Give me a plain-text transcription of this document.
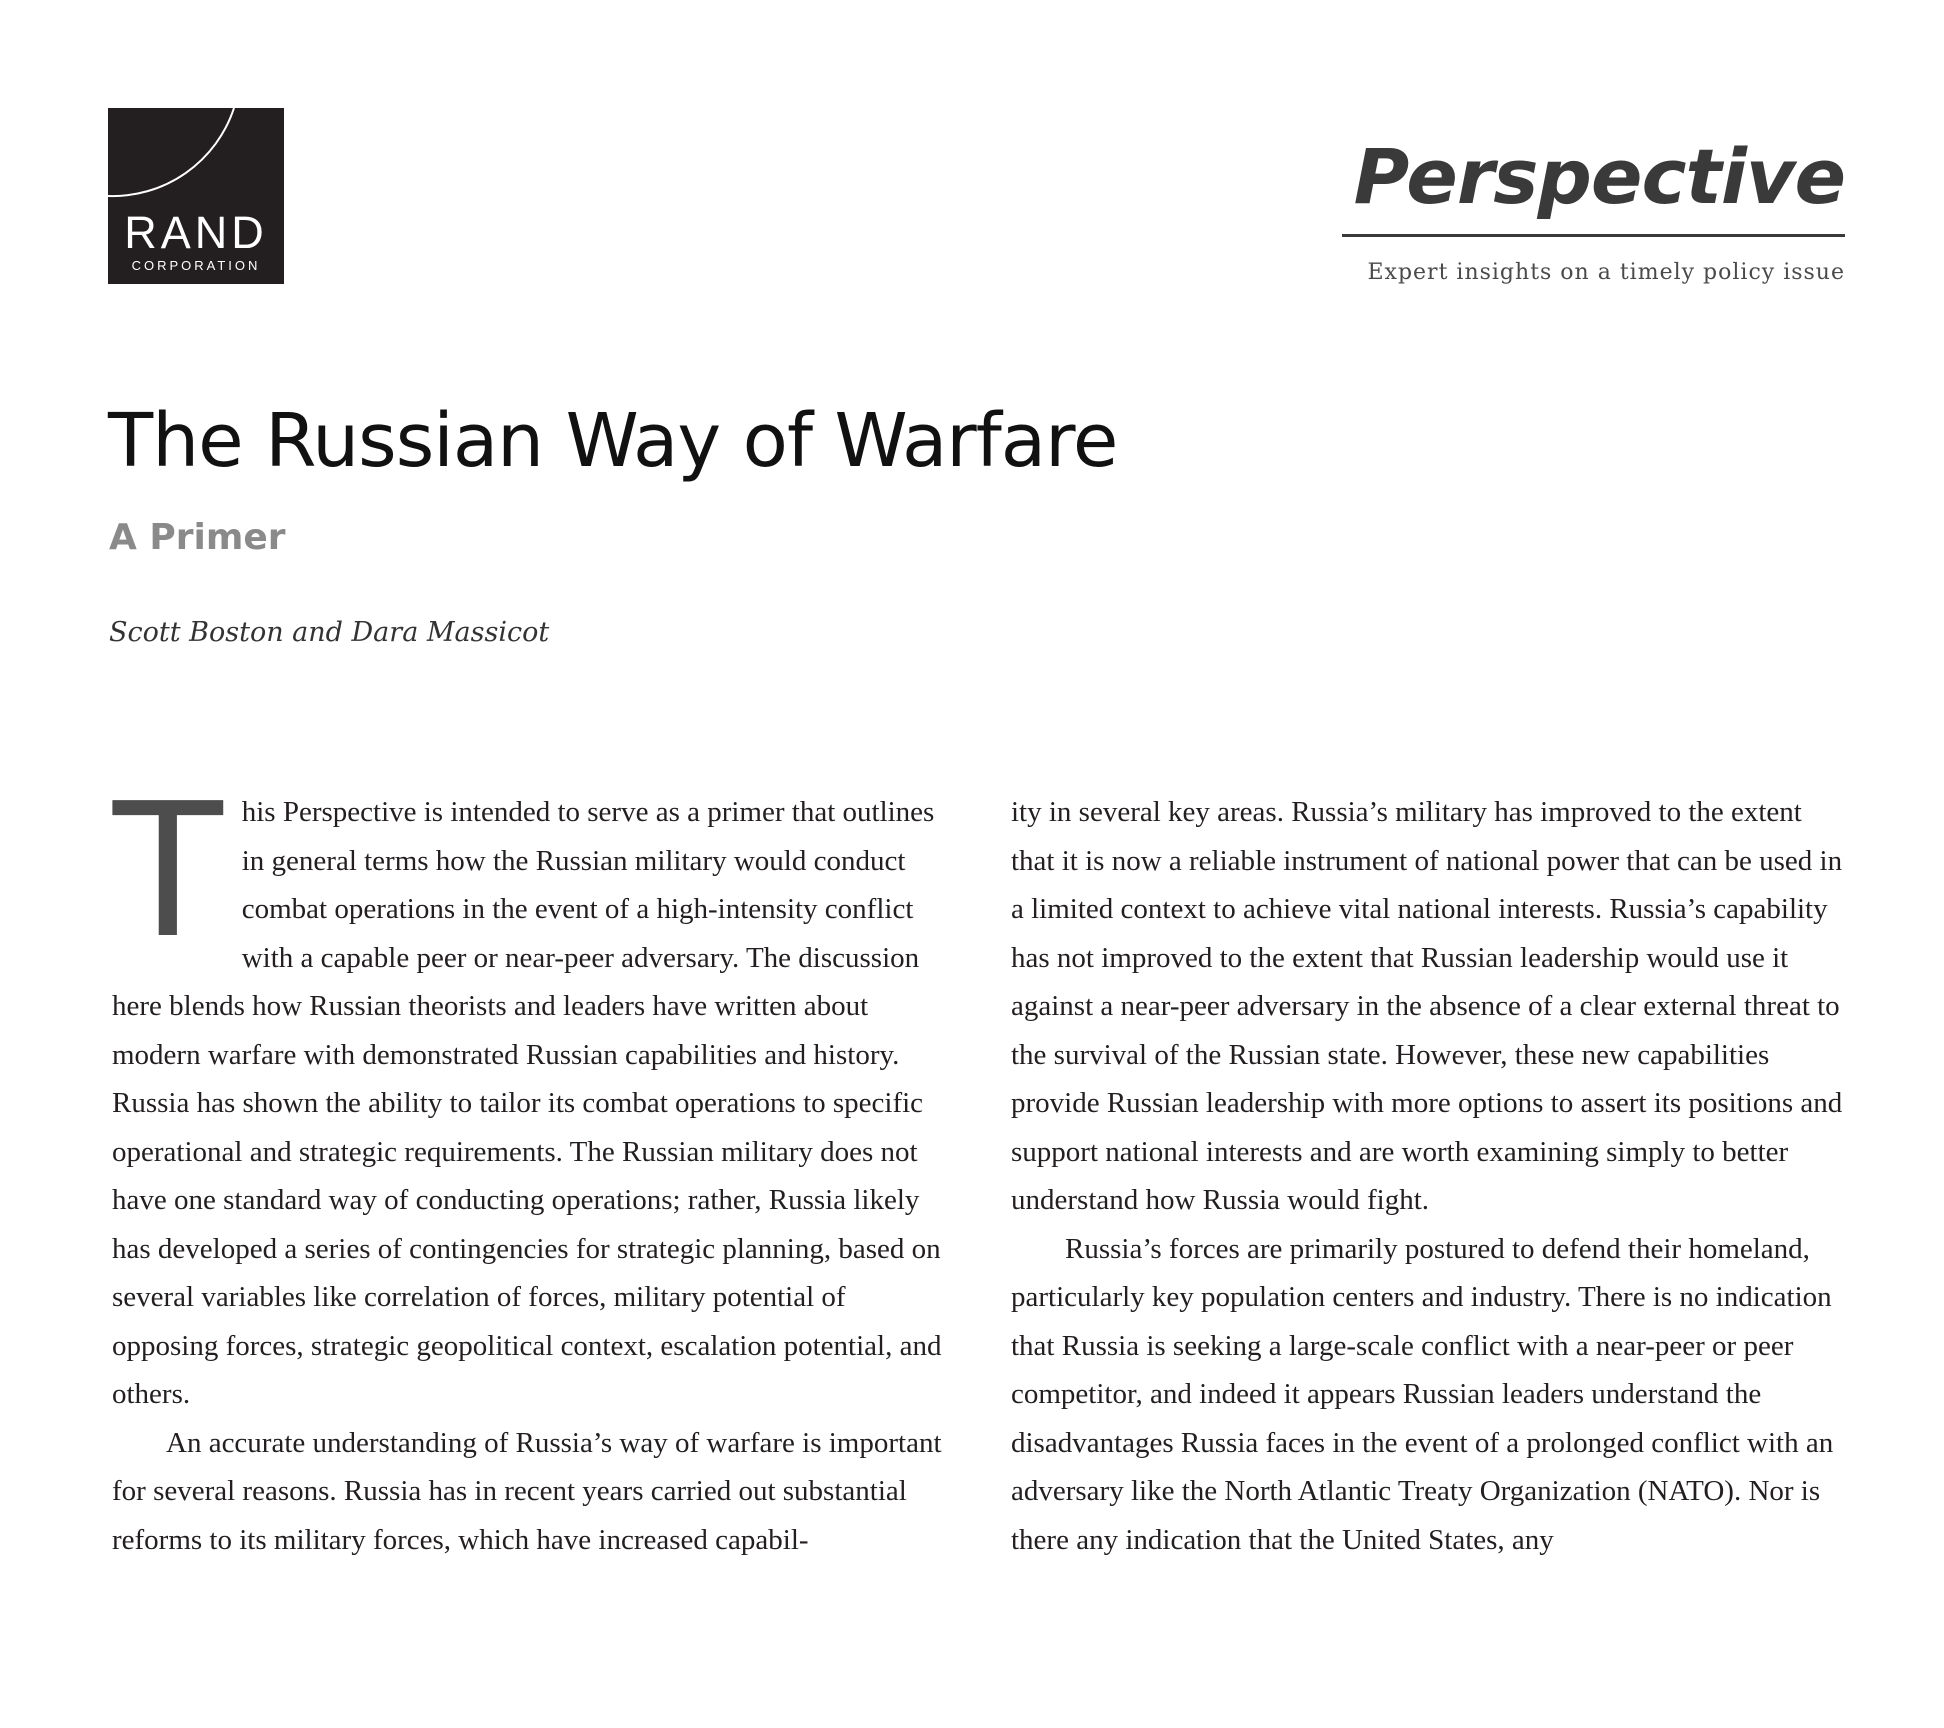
RAND
CORPORATION
Perspective
Expert insights on a timely policy issue
The Russian Way of Warfare
A Primer
Scott Boston and Dara Massicot

This Perspective is intended to serve as a primer that outlines in general terms how the Russian military would conduct combat operations in the event of a high-intensity conflict with a capable peer or near-peer adversary. The discussion here blends how Russian theorists and leaders have written about modern warfare with demonstrated Russian capabilities and history. Russia has shown the ability to tailor its combat operations to specific operational and strategic requirements. The Russian military does not have one standard way of conducting operations; rather, Russia likely has developed a series of contingencies for strategic planning, based on several variables like correlation of forces, military potential of opposing forces, strategic geopolitical context, escalation potential, and others.

An accurate understanding of Russia’s way of warfare is important for several reasons. Russia has in recent years carried out substantial reforms to its military forces, which have increased capabil-

ity in several key areas. Russia’s military has improved to the extent that it is now a reliable instrument of national power that can be used in a limited context to achieve vital national interests. Russia’s capability has not improved to the extent that Russian leadership would use it against a near-peer adversary in the absence of a clear external threat to the survival of the Russian state. However, these new capabilities provide Russian leadership with more options to assert its positions and support national interests and are worth examining simply to better understand how Russia would fight.

Russia’s forces are primarily postured to defend their homeland, particularly key population centers and industry. There is no indication that Russia is seeking a large-scale conflict with a near-peer or peer competitor, and indeed it appears Russian leaders understand the disadvantages Russia faces in the event of a prolonged conflict with an adversary like the North Atlantic Treaty Organization (NATO). Nor is there any indication that the United States, any
